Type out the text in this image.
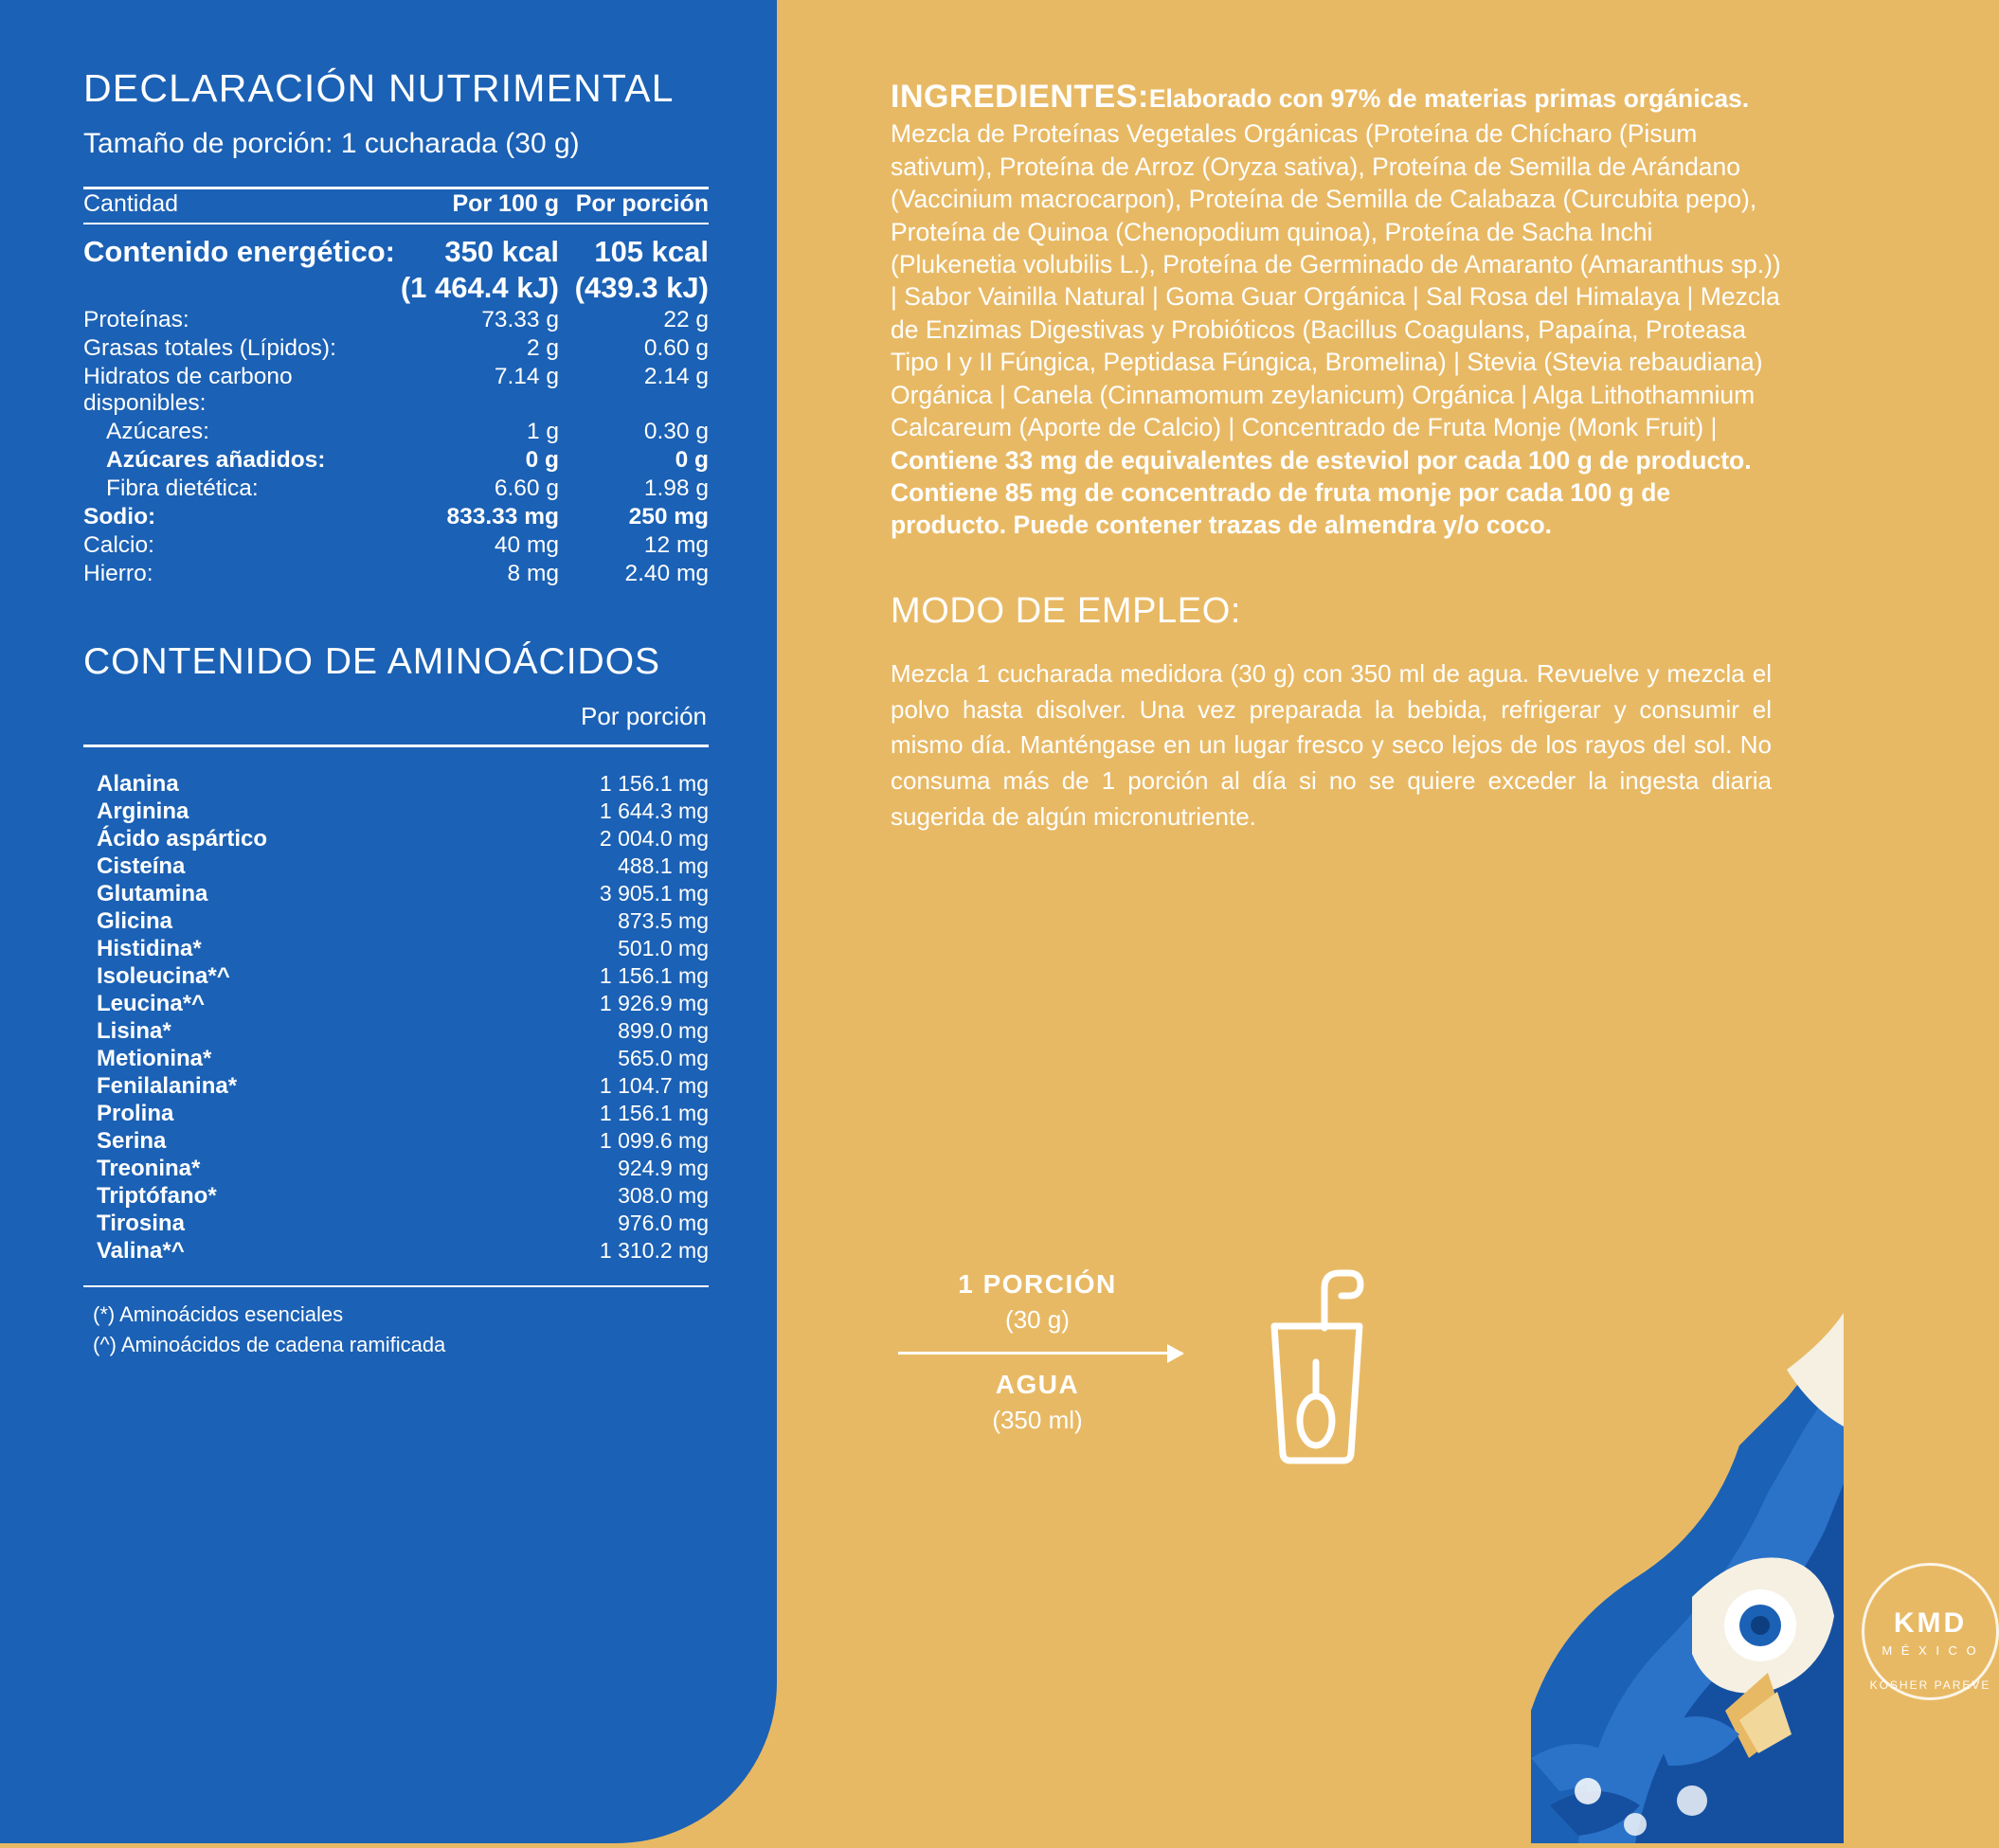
DECLARACIÓN NUTRIMENTAL
Tamaño de porción: 1 cucharada (30 g)
Cantidad	Por 100 g	Por porción
Contenido energético:	350 kcal	105 kcal
	(1 464.4 kJ)	(439.3 kJ)
Proteínas:	73.33 g	22 g
Grasas totales (Lípidos):	2 g	0.60 g
Hidratos de carbono disponibles:	7.14 g	2.14 g
Azúcares:	1 g	0.30 g
Azúcares añadidos:	0 g	0 g
Fibra dietética:	6.60 g	1.98 g
Sodio:	833.33 mg	250 mg
Calcio:	40 mg	12 mg
Hierro:	8 mg	2.40 mg
CONTENIDO DE AMINOÁCIDOS
Por porción
Alanina	1 156.1 mg
Arginina	1 644.3 mg
Ácido aspártico	2 004.0 mg
Cisteína	488.1 mg
Glutamina	3 905.1 mg
Glicina	873.5 mg
Histidina*	501.0 mg
Isoleucina*^	1 156.1 mg
Leucina*^	1 926.9 mg
Lisina*	899.0 mg
Metionina*	565.0 mg
Fenilalanina*	1 104.7 mg
Prolina	1 156.1 mg
Serina	1 099.6 mg
Treonina*	924.9 mg
Triptófano*	308.0 mg
Tirosina	976.0 mg
Valina*^	1 310.2 mg
(*) Aminoácidos esenciales
(^) Aminoácidos de cadena ramificada
INGREDIENTES:Elaborado con 97% de materias primas orgánicas. Mezcla de Proteínas Vegetales Orgánicas (Proteína de Chícharo (Pisum sativum), Proteína de Arroz (Oryza sativa), Proteína de Semilla de Arándano (Vaccinium macrocarpon), Proteína de Semilla de Calabaza (Curcubita pepo), Proteína de Quinoa (Chenopodium quinoa), Proteína de Sacha Inchi (Plukenetia volubilis L.), Proteína de Germinado de Amaranto (Amaranthus sp.)) | Sabor Vainilla Natural | Goma Guar Orgánica | Sal Rosa del Himalaya | Mezcla de Enzimas Digestivas y Probióticos (Bacillus Coagulans, Papaína, Proteasa Tipo I y II Fúngica, Peptidasa Fúngica, Bromelina) | Stevia (Stevia rebaudiana) Orgánica | Canela (Cinnamomum zeylanicum) Orgánica | Alga Lithothamnium Calcareum (Aporte de Calcio) | Concentrado de Fruta Monje (Monk Fruit) | Contiene 33 mg de equivalentes de esteviol por cada 100 g de producto. Contiene 85 mg de concentrado de fruta monje por cada 100 g de producto. Puede contener trazas de almendra y/o coco.
MODO DE EMPLEO:
Mezcla 1 cucharada medidora (30 g) con 350 ml de agua. Revuelve y mezcla el polvo hasta disolver. Una vez preparada la bebida, refrigerar y consumir el mismo día. Manténgase en un lugar fresco y seco lejos de los rayos del sol. No consuma más de 1 porción al día si no se quiere exceder la ingesta diaria sugerida de algún micronutriente.
1 PORCIÓN
(30 g)
AGUA
(350 ml)
KMD
M É X I C O
KOSHER PAREVE
